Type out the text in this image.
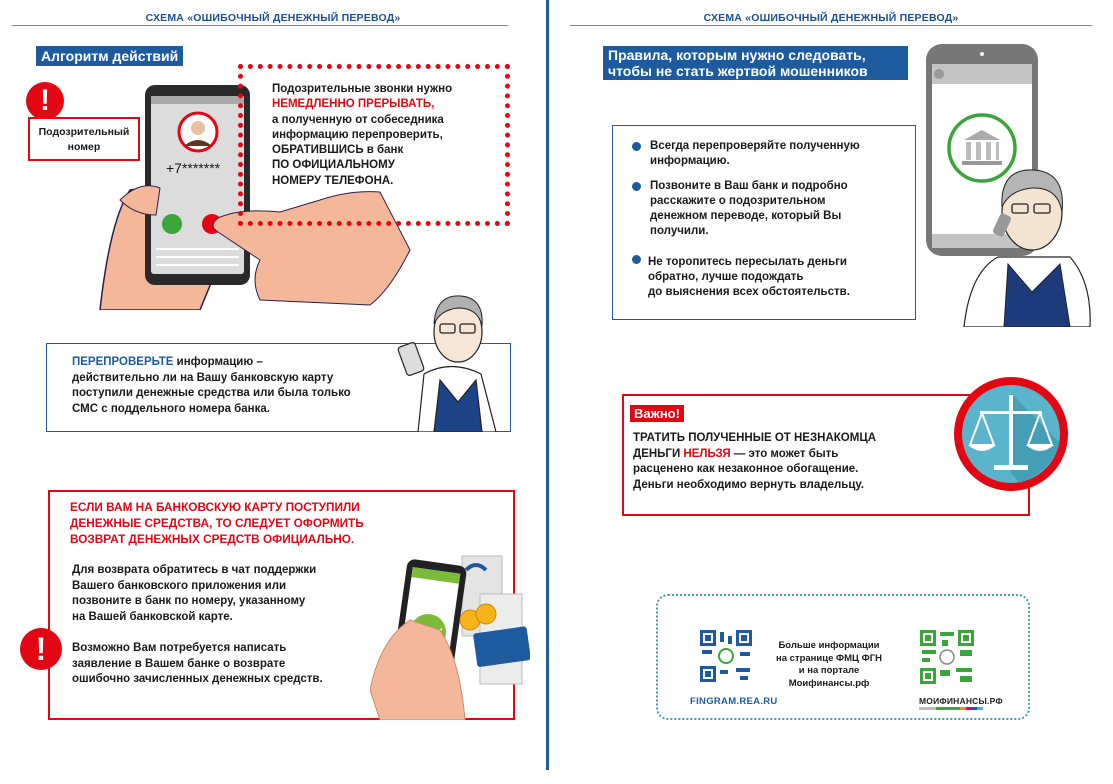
СХЕМА «ОШИБОЧНЫЙ ДЕНЕЖНЫЙ ПЕРЕВОД»
Алгоритм действий
!
Подозрительный
номер
+7*******
Подозрительные звонки нужно
НЕМЕДЛЕННО ПРЕРЫВАТЬ,
а полученную от собеседника
информацию перепроверить,
ОБРАТИВШИСЬ в банк
ПО ОФИЦИАЛЬНОМУ
НОМЕРУ ТЕЛЕФОНА.
ПЕРЕПРОВЕРЬТЕ информацию –
действительно ли на Вашу банковскую карту
поступили денежные средства или была только
СМС с поддельного номера банка.
ЕСЛИ ВАМ НА БАНКОВСКУЮ КАРТУ ПОСТУПИЛИ
ДЕНЕЖНЫЕ СРЕДСТВА, ТО СЛЕДУЕТ ОФОРМИТЬ
ВОЗВРАТ ДЕНЕЖНЫХ СРЕДСТВ ОФИЦИАЛЬНО.
Для возврата обратитесь в чат поддержки
Вашего банковского приложения или
позвоните в банк по номеру, указанному
на Вашей банковской карте.
!	Возможно Вам потребуется написать
заявление в Вашем банке о возврате
ошибочно зачисленных денежных средств.
СХЕМА «ОШИБОЧНЫЙ ДЕНЕЖНЫЙ ПЕРЕВОД»
Правила, которым нужно следовать,
чтобы не стать жертвой мошенников
Всегда перепроверяйте полученную
информацию.
Позвоните в Ваш банк и подробно
расскажите о подозрительном
денежном переводе, который Вы
получили.
Не торопитесь пересылать деньги
обратно, лучше подождать
до выяснения всех обстоятельств.
Важно!
ТРАТИТЬ ПОЛУЧЕННЫЕ ОТ НЕЗНАКОМЦА
ДЕНЬГИ НЕЛЬЗЯ — это может быть
расценено как незаконное обогащение.
Деньги необходимо вернуть владельцу.
FINGRAM.REA.RU
Больше информации
на странице ФМЦ ФГН
и на портале
Моифинансы.рф
МОИФИНАНСЫ.РФ
